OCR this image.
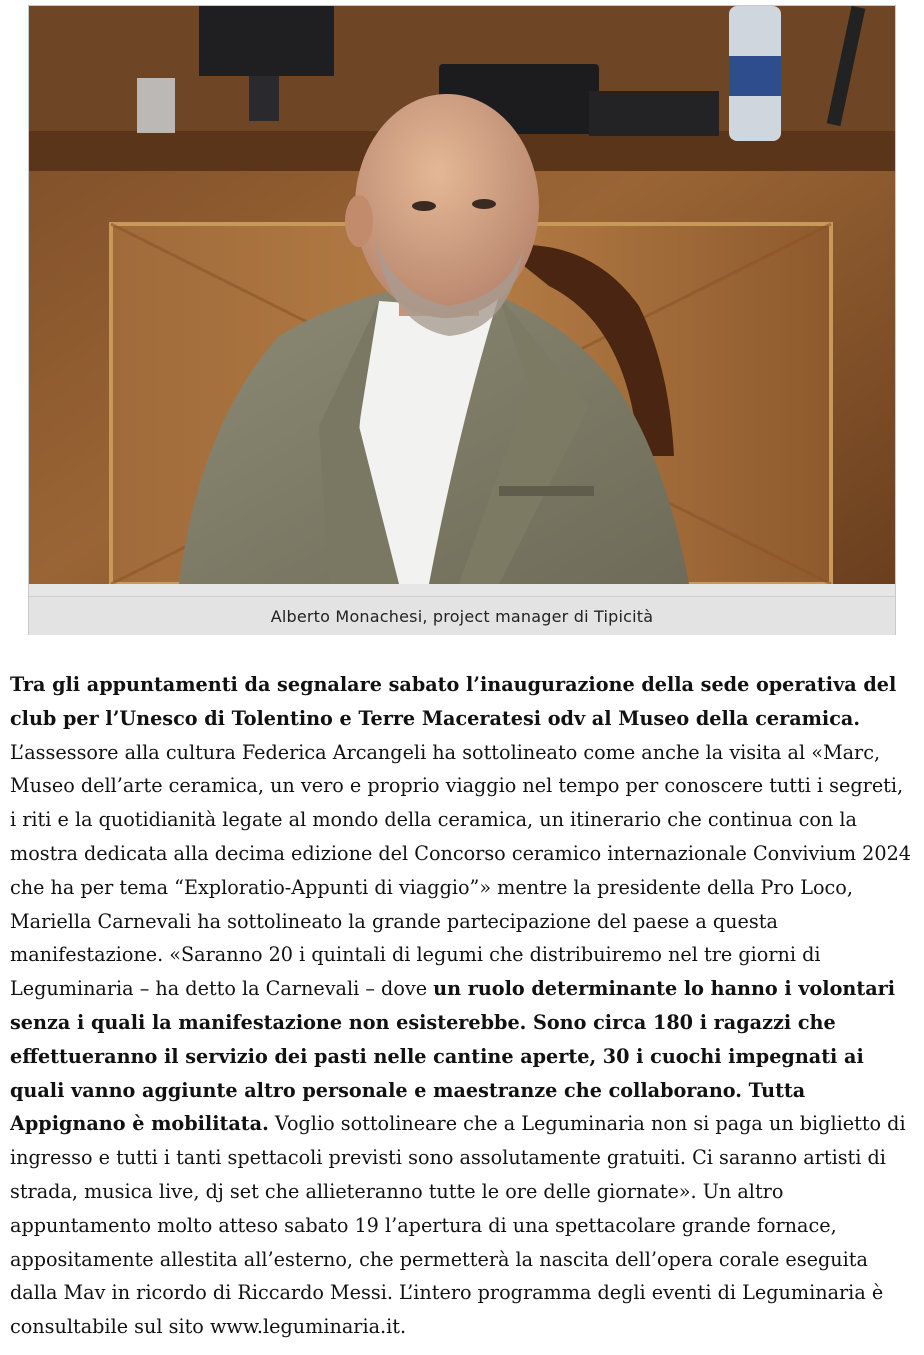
Alberto Monachesi, project manager di Tipicità

Tra gli appuntamenti da segnalare sabato l’inaugurazione della sede operativa del club per l’Unesco di Tolentino e Terre Maceratesi odv al Museo della ceramica. L’assessore alla cultura Federica Arcangeli ha sottolineato come anche la visita al «Marc, Museo dell’arte ceramica, un vero e proprio viaggio nel tempo per conoscere tutti i segreti, i riti e la quotidianità legate al mondo della ceramica, un itinerario che continua con la mostra dedicata alla decima edizione del Concorso ceramico internazionale Convivium 2024 che ha per tema “Exploratio-Appunti di viaggio”» mentre la presidente della Pro Loco, Mariella Carnevali ha sottolineato la grande partecipazione del paese a questa manifestazione. «Saranno 20 i quintali di legumi che distribuiremo nel tre giorni di Leguminaria – ha detto la Carnevali – dove un ruolo determinante lo hanno i volontari senza i quali la manifestazione non esisterebbe. Sono circa 180 i ragazzi che effettueranno il servizio dei pasti nelle cantine aperte, 30 i cuochi impegnati ai quali vanno aggiunte altro personale e maestranze che collaborano. Tutta Appignano è mobilitata. Voglio sottolineare che a Leguminaria non si paga un biglietto di ingresso e tutti i tanti spettacoli previsti sono assolutamente gratuiti. Ci saranno artisti di strada, musica live, dj set che allieteranno tutte le ore delle giornate». Un altro appuntamento molto atteso sabato 19 l’apertura di una spettacolare grande fornace, appositamente allestita all’esterno, che permetterà la nascita dell’opera corale eseguita dalla Mav in ricordo di Riccardo Messi. L’intero programma degli eventi di Leguminaria è consultabile sul sito www.leguminaria.it.
